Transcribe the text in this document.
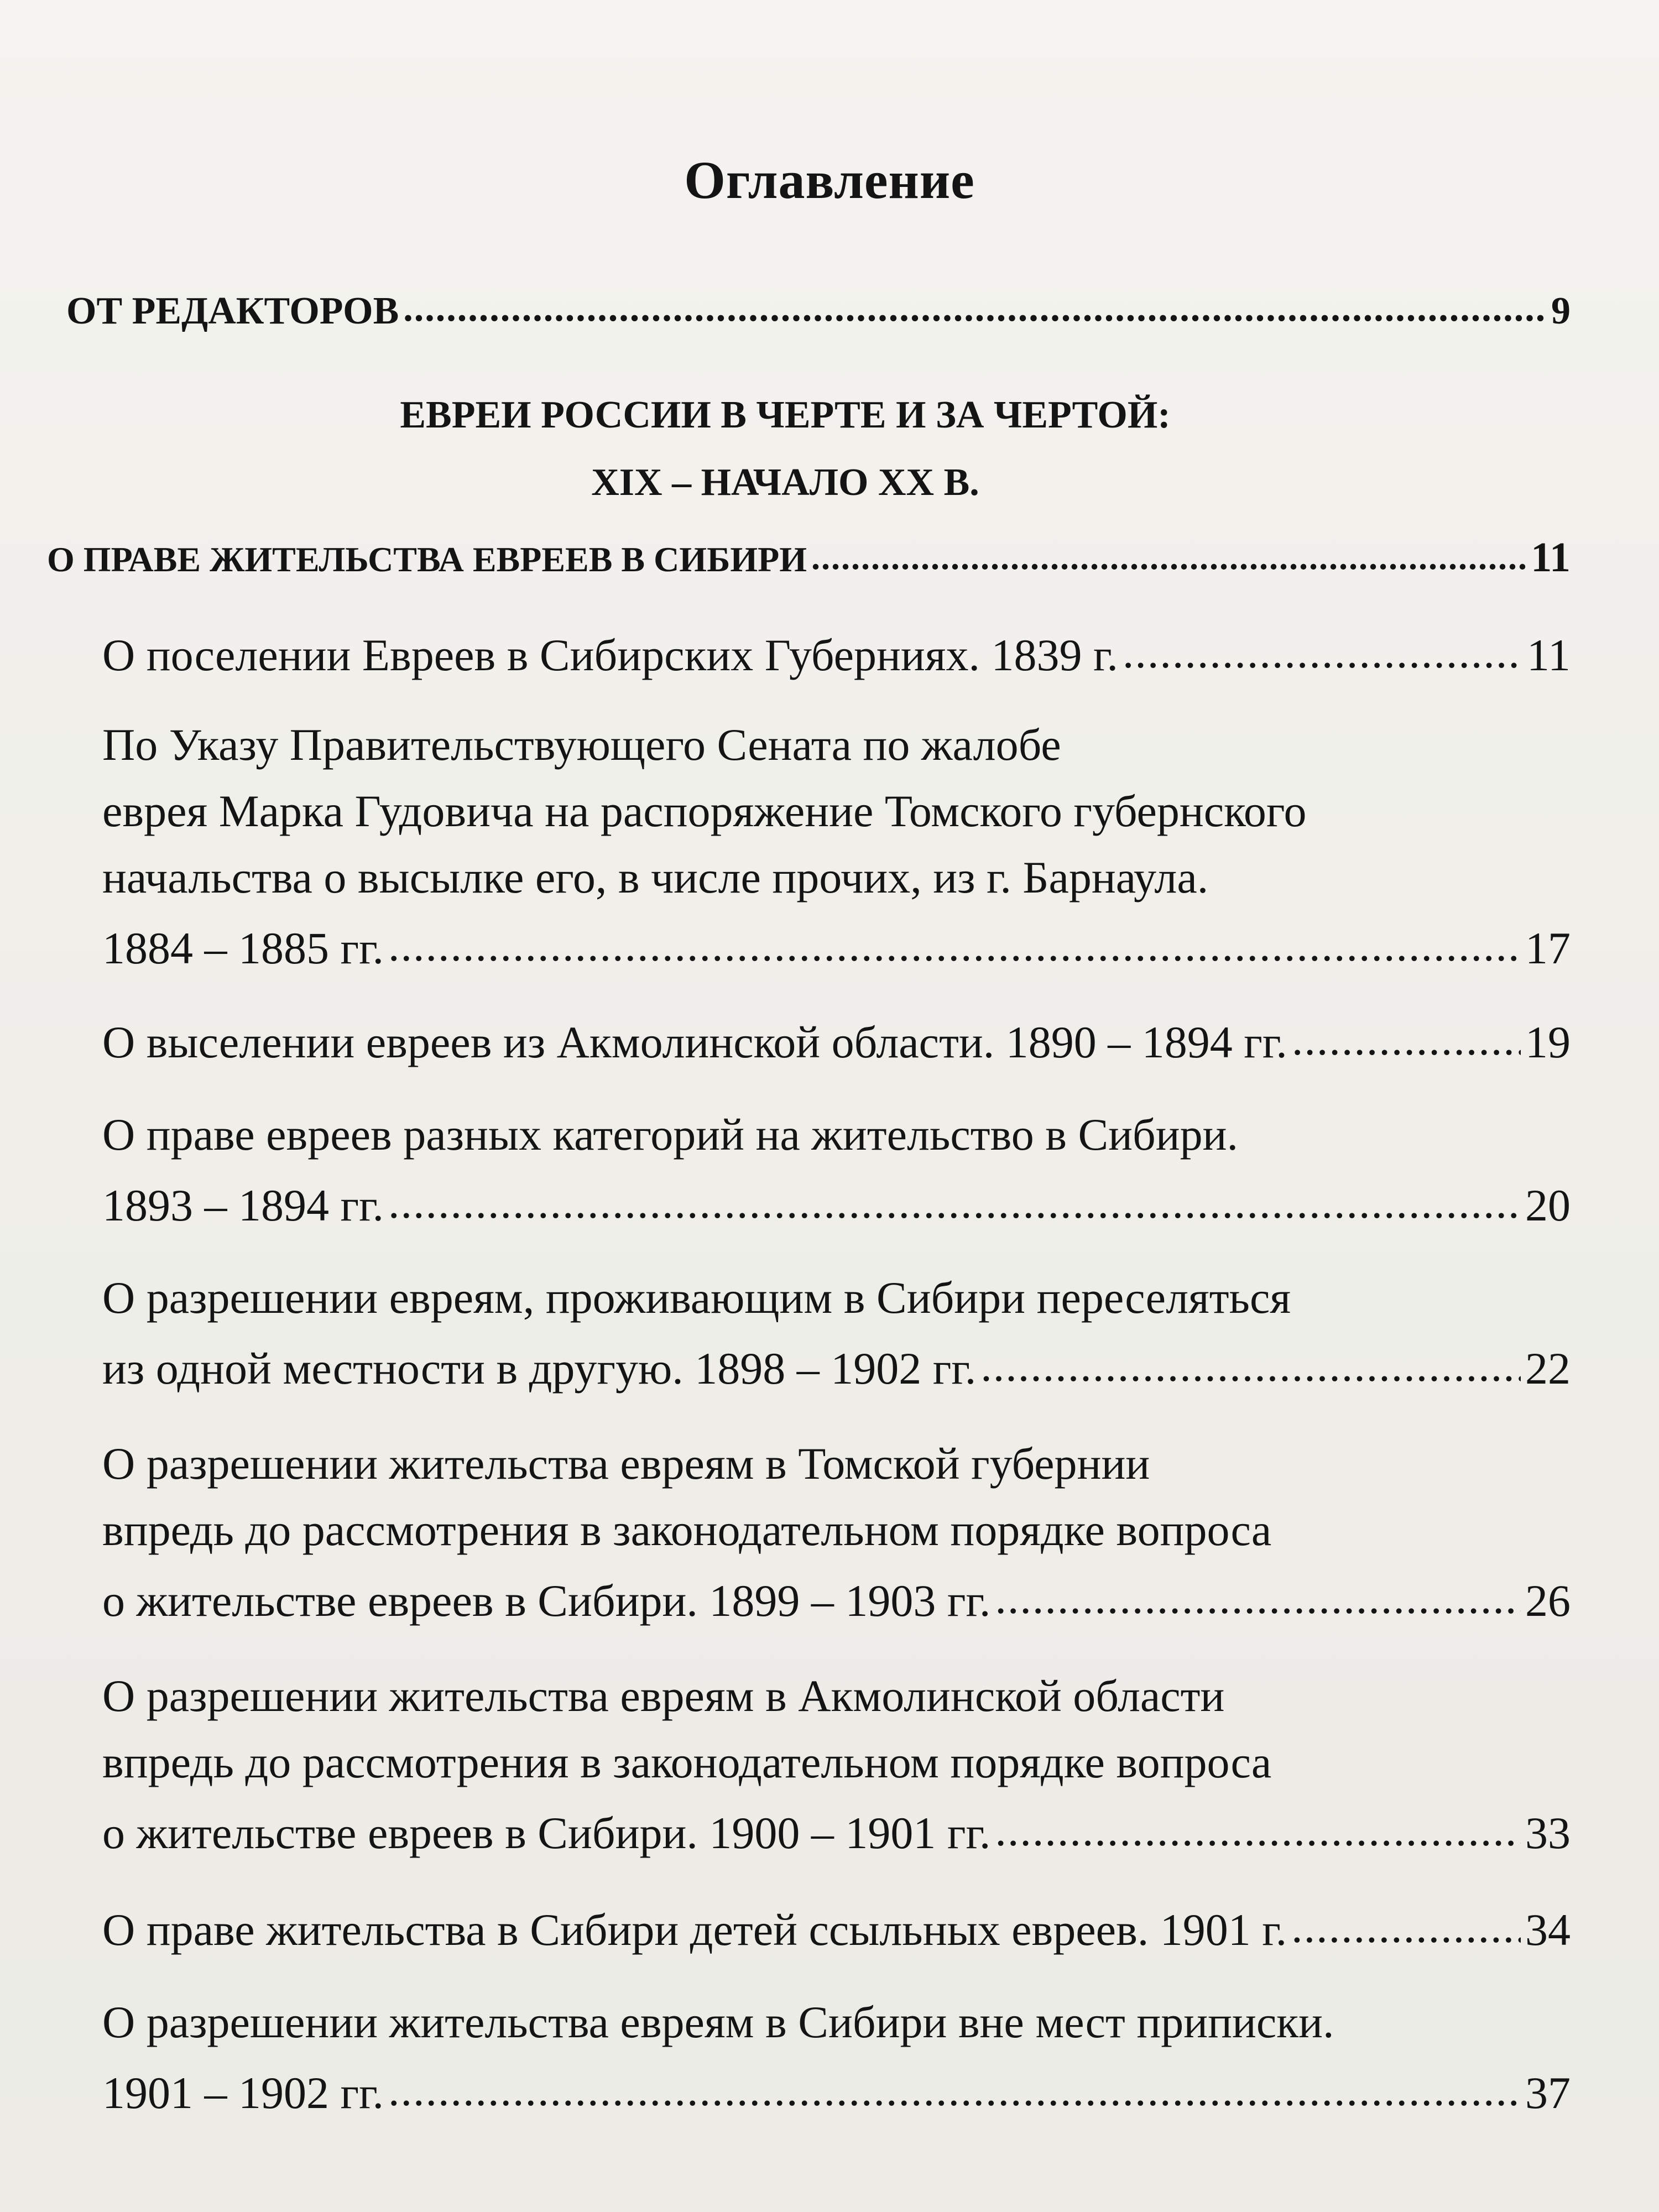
Оглавление
ОТ РЕДАКТОРОВ .....	9
ЕВРЕИ РОССИИ В ЧЕРТЕ И ЗА ЧЕРТОЙ:
XIX – НАЧАЛО XX В.
О ПРАВЕ ЖИТЕЛЬСТВА ЕВРЕЕВ В СИБИРИ .....	11
О поселении Евреев в Сибирских Губерниях. 1839 г. .....	11
По Указу Правительствующего Сената по жалобе
еврея Марка Гудовича на распоряжение Томского губернского
начальства о высылке его, в числе прочих, из г. Барнаула.
1884 – 1885 гг. .....	17
О выселении евреев из Акмолинской области. 1890 – 1894 гг. .....	19
О праве евреев разных категорий на жительство в Сибири.
1893 – 1894 гг. .....	20
О разрешении евреям, проживающим в Сибири переселяться
из одной местности в другую. 1898 – 1902 гг. .....	22
О разрешении жительства евреям в Томской губернии
впредь до рассмотрения в законодательном порядке вопроса
о жительстве евреев в Сибири. 1899 – 1903 гг. .....	26
О разрешении жительства евреям в Акмолинской области
впредь до рассмотрения в законодательном порядке вопроса
о жительстве евреев в Сибири. 1900 – 1901 гг. .....	33
О праве жительства в Сибири детей ссыльных евреев. 1901 г. .....	34
О разрешении жительства евреям в Сибири вне мест приписки.
1901 – 1902 гг. .....	37
